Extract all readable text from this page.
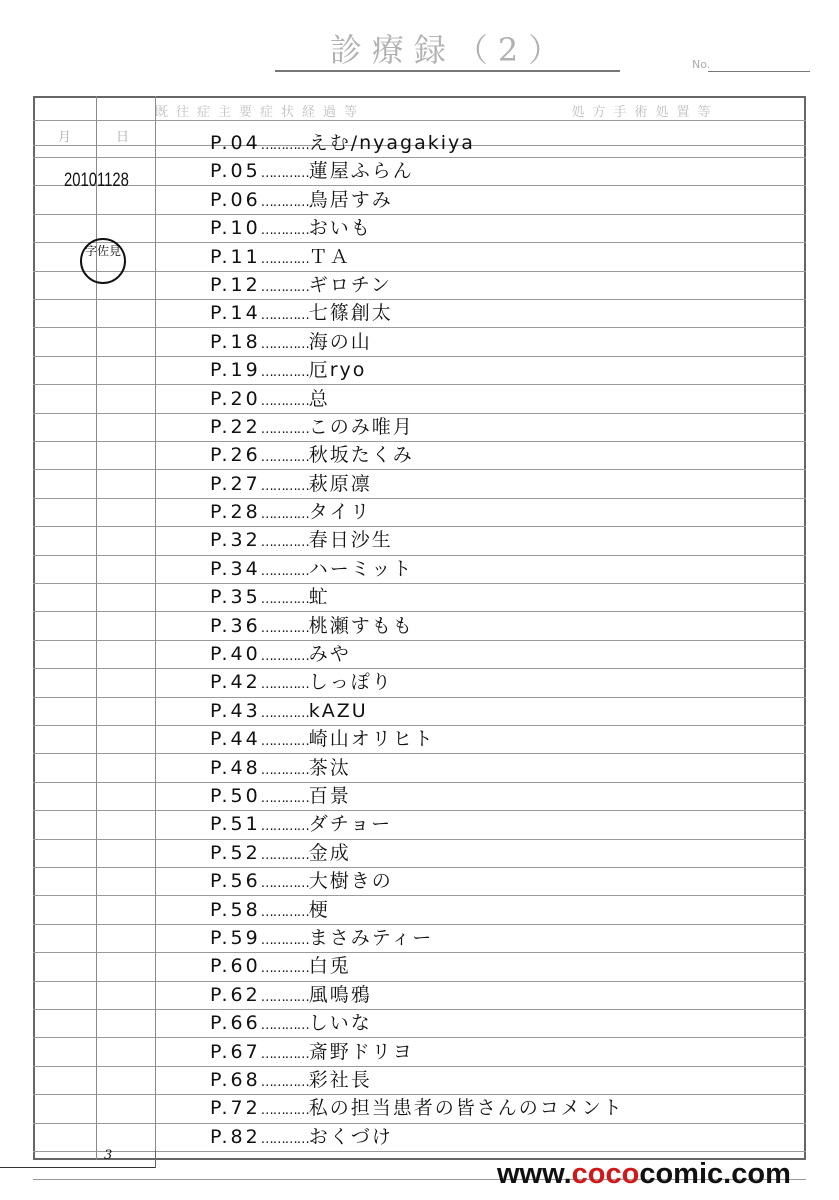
診療録（2）	No.
既往症主要症状経過等	処方手術処置等
月	日
20101128
字佐見
P.04…………えむ/nyagakiya
P.05…………蓮屋ふらん
P.06…………鳥居すみ
P.10…………おいも
P.11…………ＴＡ
P.12…………ギロチン
P.14…………七篠創太
P.18…………海の山
P.19…………厄ryo
P.20…………总
P.22…………このみ唯月
P.26…………秋坂たくみ
P.27…………萩原凛
P.28…………タイリ
P.32…………春日沙生
P.34…………ハーミット
P.35…………虻
P.36…………桃瀬すもも
P.40…………みや
P.42…………しっぽり
P.43…………kAZU
P.44…………崎山オリヒト
P.48…………茶汰
P.50…………百景
P.51…………ダチョー
P.52…………金成
P.56…………大樹きの
P.58…………梗
P.59…………まさみティー
P.60…………白兎
P.62…………風鳴鴉
P.66…………しいな
P.67…………斎野ドリヨ
P.68…………彩社長
P.72…………私の担当患者の皆さんのコメント
P.82…………おくづけ
3
www.cococomic.com
